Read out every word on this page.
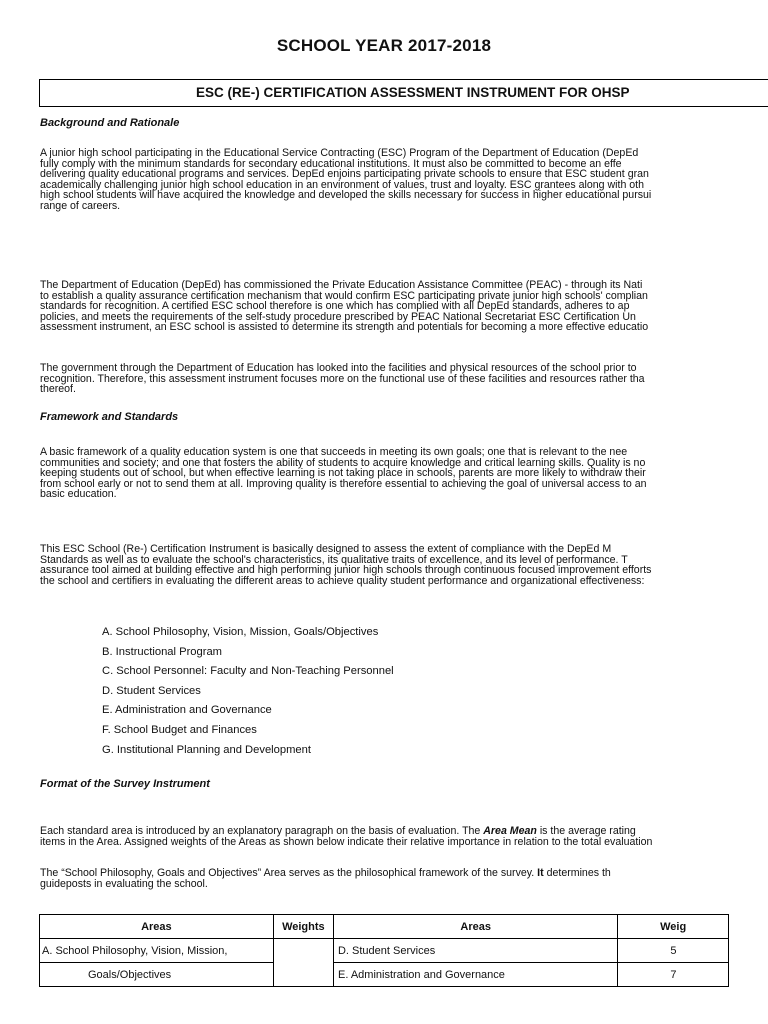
SCHOOL YEAR 2017-2018
ESC (RE-) CERTIFICATION ASSESSMENT INSTRUMENT FOR OHSP
Background and Rationale
A junior high school participating in the Educational Service Contracting (ESC) Program of the Department of Education (DepEd
fully comply with the minimum standards for secondary educational institutions. It must also be committed to become an effe
delivering quality educational programs and services. DepEd enjoins participating private schools to ensure that ESC student gran
academically challenging junior high school education in an environment of values, trust and loyalty. ESC grantees along with oth
high school students will have acquired the knowledge and developed the skills necessary for success in higher educational pursui
range of careers.
The Department of Education (DepEd) has commissioned the Private Education Assistance Committee (PEAC) - through its Nati
to establish a quality assurance certification mechanism that would confirm ESC participating private junior high schools' complian
standards for recognition. A certified ESC school therefore is one which has complied with all DepEd standards, adheres to ap
policies, and meets the requirements of the self-study procedure prescribed by PEAC National Secretariat ESC Certification Un
assessment instrument, an ESC school is assisted to determine its strength and potentials for becoming a more effective educatio
The government through the Department of Education has looked into the facilities and physical resources of the school prior to
recognition. Therefore, this assessment instrument focuses more on the functional use of these facilities and resources rather tha
thereof.
Framework and Standards
A basic framework of a quality education system is one that succeeds in meeting its own goals; one that is relevant to the nee
communities and society; and one that fosters the ability of students to acquire knowledge and critical learning skills. Quality is no
keeping students out of school, but when effective learning is not taking place in schools, parents are more likely to withdraw their
from school early or not to send them at all. Improving quality is therefore essential to achieving the goal of universal access to an
basic education.
This ESC School (Re-) Certification Instrument is basically designed to assess the extent of compliance with the DepEd M
Standards as well as to evaluate the school's characteristics, its qualitative traits of excellence, and its level of performance. T
assurance tool aimed at building effective and high performing junior high schools through continuous focused improvement efforts
the school and certifiers in evaluating the different areas to achieve quality student performance and organizational effectiveness:
A. School Philosophy, Vision, Mission, Goals/Objectives
B. Instructional Program
C. School Personnel: Faculty and Non-Teaching Personnel
D. Student Services
E. Administration and Governance
F. School Budget and Finances
G. Institutional Planning and Development
Format of the Survey Instrument
Each standard area is introduced by an explanatory paragraph on the basis of evaluation. The Area Mean is the average rating
items in the Area. Assigned weights of the Areas as shown below indicate their relative importance in relation to the total evaluation
The “School Philosophy, Goals and Objectives” Area serves as the philosophical framework of the survey. It determines th
guideposts in evaluating the school.
Areas	Weights	Areas	Weig
A. School Philosophy, Vision, Mission,		D. Student Services	5
Goals/Objectives		E. Administration and Governance	7
